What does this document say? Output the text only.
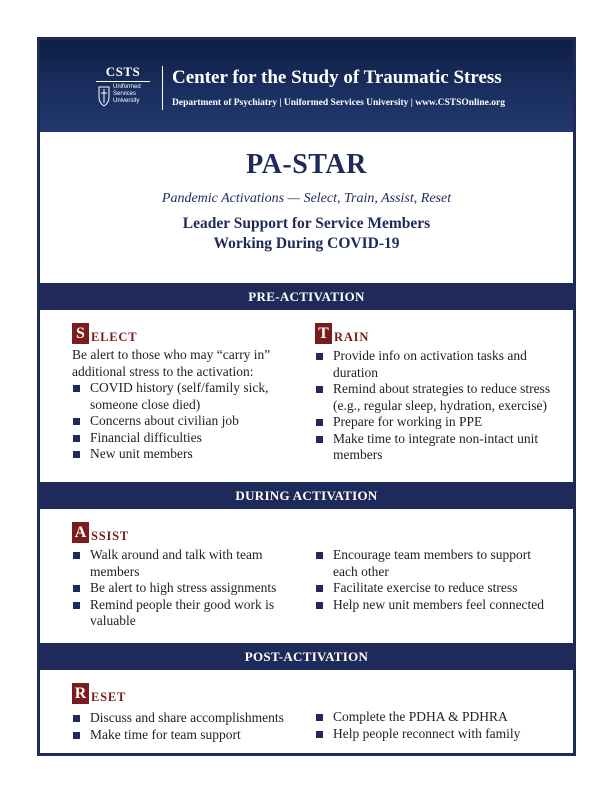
CSTS
Uniformed
Services
University
Center for the Study of Traumatic Stress
Department of Psychiatry | Uniformed Services University | www.CSTSOnline.org
PA-STAR
Pandemic Activations — Select, Train, Assist, Reset
Leader Support for Service Members
Working During COVID-19
PRE-ACTIVATION
S ELECT
Be alert to those who may “carry in” additional stress to the activation:
COVID history (self/family sick, someone close died)
Concerns about civilian job
Financial difficulties
New unit members
T RAIN
Provide info on activation tasks and duration
Remind about strategies to reduce stress (e.g., regular sleep, hydration, exercise)
Prepare for working in PPE
Make time to integrate non-intact unit members
DURING ACTIVATION
A SSIST
Walk around and talk with team members
Be alert to high stress assignments
Remind people their good work is valuable
Encourage team members to support each other
Facilitate exercise to reduce stress
Help new unit members feel connected
POST-ACTIVATION
R ESET
Discuss and share accomplishments
Make time for team support
Complete the PDHA & PDHRA
Help people reconnect with family
